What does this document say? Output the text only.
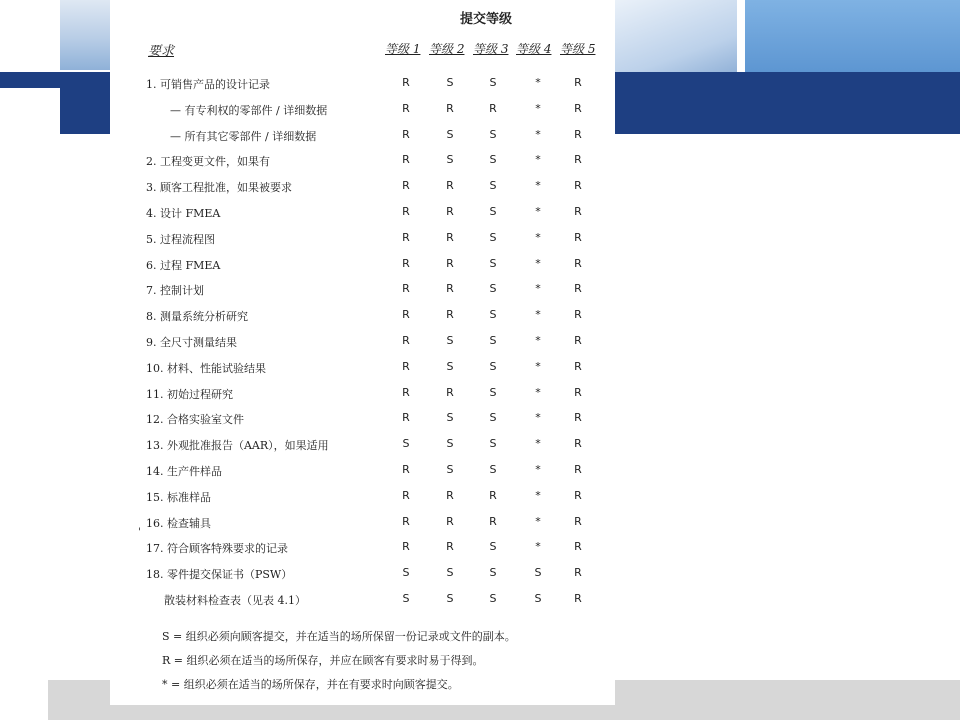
提交等级
要求	等级 1 等级 2 等级 3 等级 4 等级 5
1. 可销售产品的设计记录	R	S	S	*	R
— 有专利权的零部件 / 详细数据	R	R	R	*	R
— 所有其它零部件 / 详细数据	R	S	S	*	R
2. 工程变更文件，如果有	R	S	S	*	R
3. 顾客工程批准，如果被要求	R	R	S	*	R
4. 设计 FMEA	R	R	S	*	R
5. 过程流程图	R	R	S	*	R
6. 过程 FMEA	R	R	S	*	R
7. 控制计划	R	R	S	*	R
8. 测量系统分析研究	R	R	S	*	R
9. 全尺寸测量结果	R	S	S	*	R
10. 材料、性能试验结果	R	S	S	*	R
11. 初始过程研究	R	R	S	*	R
12. 合格实验室文件	R	S	S	*	R
13. 外观批准报告（AAR），如果适用	S	S	S	*	R
14. 生产件样品	R	S	S	*	R
15. 标准样品	R	R	R	*	R
16. 检查辅具	R	R	R	*	R
17. 符合顾客特殊要求的记录	R	R	S	*	R
18. 零件提交保证书（PSW）	S	S	S	S	R
散装材料检查表（见表 4.1）	S	S	S	S	R
'
S = 组织必须向顾客提交，并在适当的场所保留一份记录或文件的副本。
R = 组织必须在适当的场所保存，并应在顾客有要求时易于得到。
* = 组织必须在适当的场所保存，并在有要求时向顾客提交。
